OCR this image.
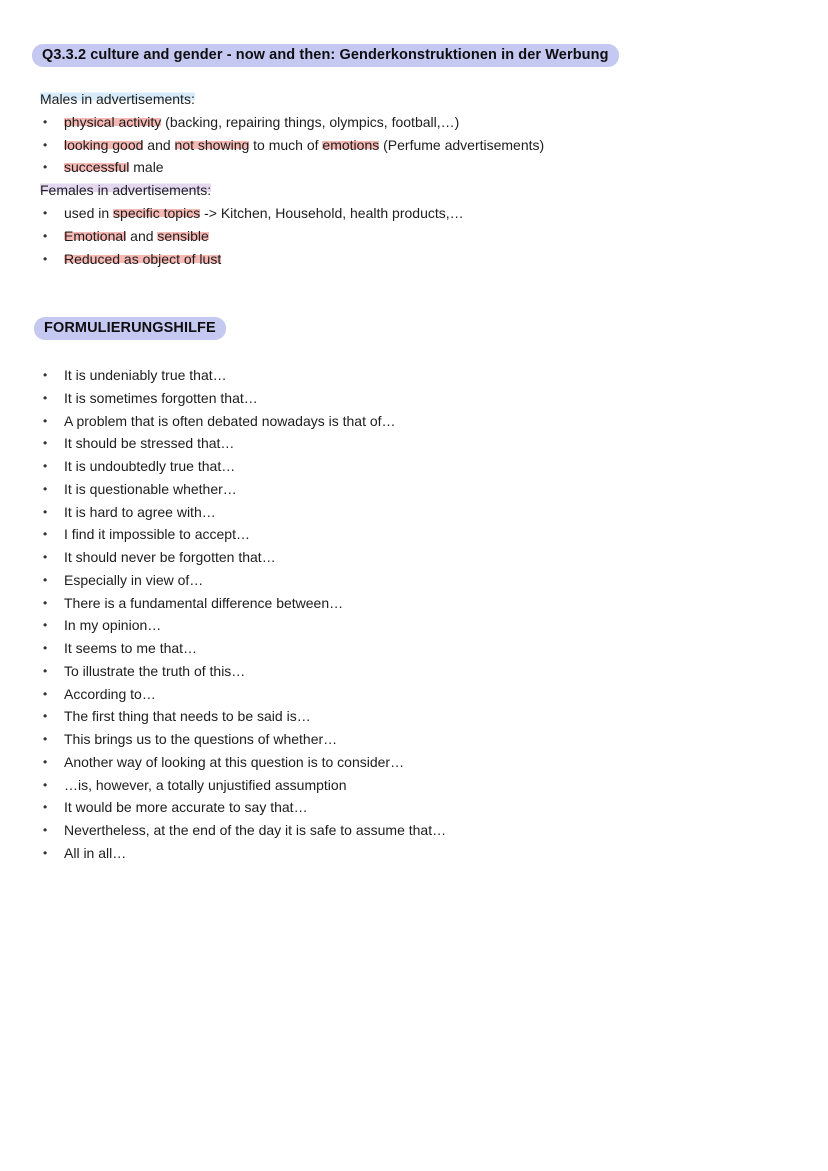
Q3.3.2 culture and gender - now and then: Genderkonstruktionen in der Werbung

Males in advertisements:

• physical activity (backing, repairing things, olympics, football,…)
• looking good and not showing to much of emotions (Perfume advertisements)
• successful male

Females in advertisements:

• used in specific topics -> Kitchen, Household, health products,…
• Emotional and sensible
• Reduced as object of lust
FORMULIERUNGSHILFE
• It is undeniably true that…
• It is sometimes forgotten that…
• A problem that is often debated nowadays is that of…
• It should be stressed that…
• It is undoubtedly true that…
• It is questionable whether…
• It is hard to agree with…
• I find it impossible to accept…
• It should never be forgotten that…
• Especially in view of…
• There is a fundamental difference between…
• In my opinion…
• It seems to me that…
• To illustrate the truth of this…
• According to…
• The first thing that needs to be said is…
• This brings us to the questions of whether…
• Another way of looking at this question is to consider…
• …is, however, a totally unjustified assumption
• It would be more accurate to say that…
• Nevertheless, at the end of the day it is safe to assume that…
• All in all…
